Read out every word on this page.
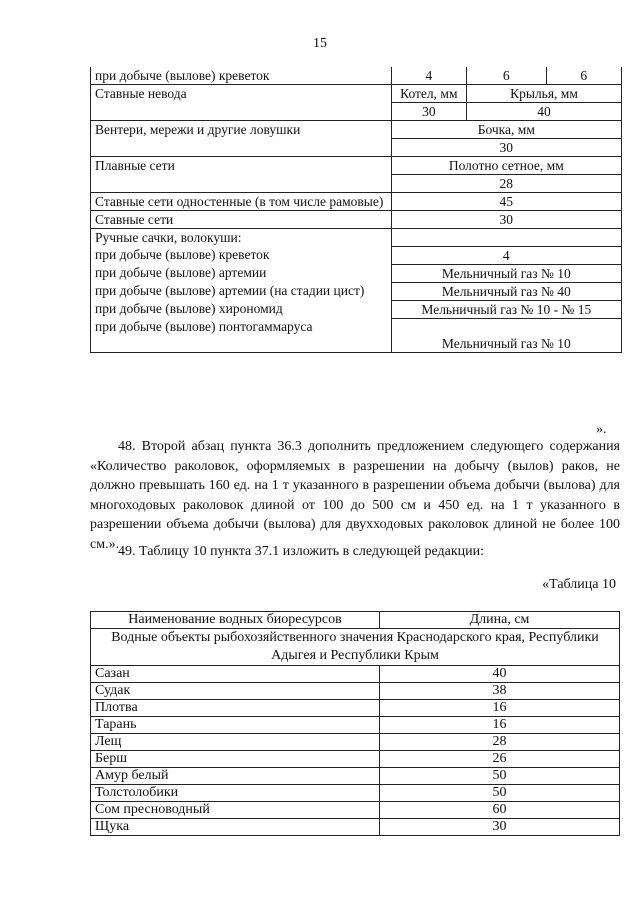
15
при добыче (вылове) креветок	4	6	6
Ставные невода	Котел, мм	Крылья, мм	
	30	40	
Вентери, мережи и другие ловушки	Бочка, мм		
	30		
Плавные сети	Полотно сетное, мм		
	28		
Ставные сети одностенные (в том числе рамовые)	45		
Ставные сети	30		
Ручные сачки, волокуши:			
при добыче (вылове) креветок	4		
при добыче (вылове) артемии	Мельничный газ № 10		
при добыче (вылове) артемии (на стадии цист)	Мельничный газ № 40		
при добыче (вылове) хирономид	Мельничный газ № 10 - № 15		
при добыче (вылове) понтогаммаруса	Мельничный газ № 10		
».
48. Второй абзац пункта 36.3 дополнить предложением следующего содержания «Количество раколовок, оформляемых в разрешении на добычу (вылов) раков, не должно превышать 160 ед. на 1 т указанного в разрешении объема добычи (вылова) для многоходовых раколовок длиной от 100 до 500 см и 450 ед. на 1 т указанного в разрешении объема добычи (вылова) для двухходовых раколовок длиной не более 100 см.».
49. Таблицу 10 пункта 37.1 изложить в следующей редакции:
«Таблица 10
Наименование водных биоресурсов	Длина, см
Водные объекты рыбохозяйственного значения Краснодарского края, Республики Адыгея и Республики Крым	
Сазан	40
Судак	38
Плотва	16
Тарань	16
Лещ	28
Берш	26
Амур белый	50
Толстолобики	50
Сом пресноводный	60
Щука	30
